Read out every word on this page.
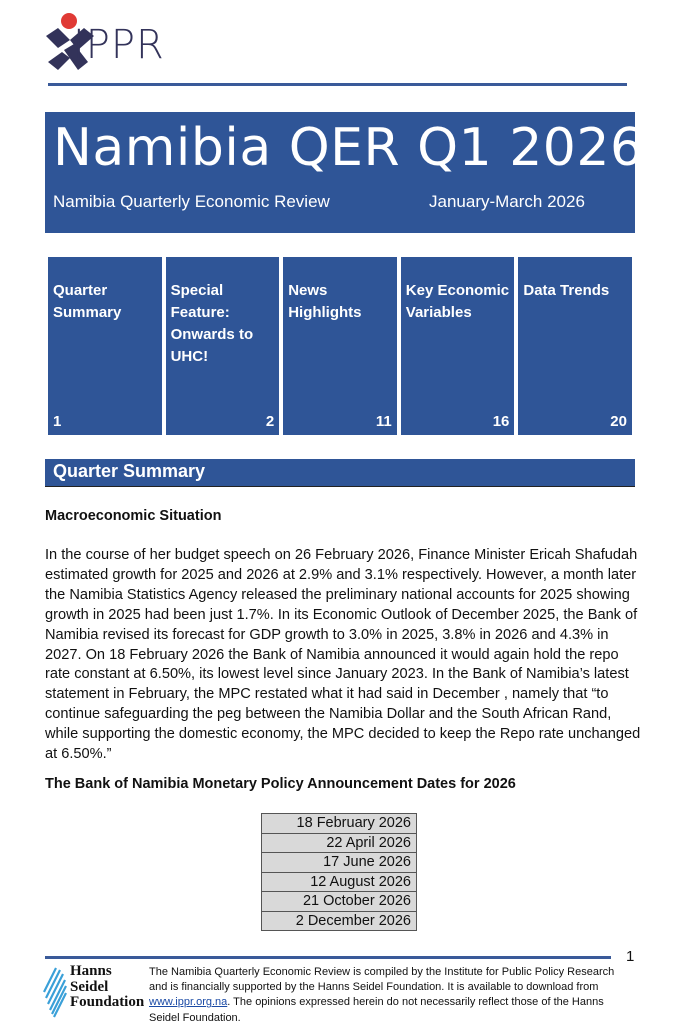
IPPR
Namibia QER Q1 2026
Namibia Quarterly Economic Review	January-March 2026
Quarter Summary
1
Special Feature: Onwards to UHC!
2
News Highlights
11
Key Economic Variables
16
Data Trends
20
Quarter Summary
Macroeconomic Situation
In the course of her budget speech on 26 February 2026, Finance Minister Ericah Shafudah estimated growth for 2025 and 2026 at 2.9% and 3.1% respectively. However, a month later the Namibia Statistics Agency released the preliminary national accounts for 2025 showing growth in 2025 had been just 1.7%. In its Economic Outlook of December 2025, the Bank of Namibia revised its forecast for GDP growth to 3.0% in 2025, 3.8% in 2026 and 4.3% in 2027. On 18 February 2026 the Bank of Namibia announced it would again hold the repo rate constant at 6.50%, its lowest level since January 2023. In the Bank of Namibia’s latest statement in February, the MPC restated what it had said in December , namely that “to continue safeguarding the peg between the Namibia Dollar and the South African Rand, while supporting the domestic economy, the MPC decided to keep the Repo rate unchanged at 6.50%.”
The Bank of Namibia Monetary Policy Announcement Dates for 2026
18 February 2026
22 April 2026
17 June 2026
12 August 2026
21 October 2026
2 December 2026
1
Hanns
Seidel
Foundation
The Namibia Quarterly Economic Review is compiled by the Institute for Public Policy Research and is financially supported by the Hanns Seidel Foundation. It is available to download from www.ippr.org.na. The opinions expressed herein do not necessarily reflect those of the Hanns Seidel Foundation.
